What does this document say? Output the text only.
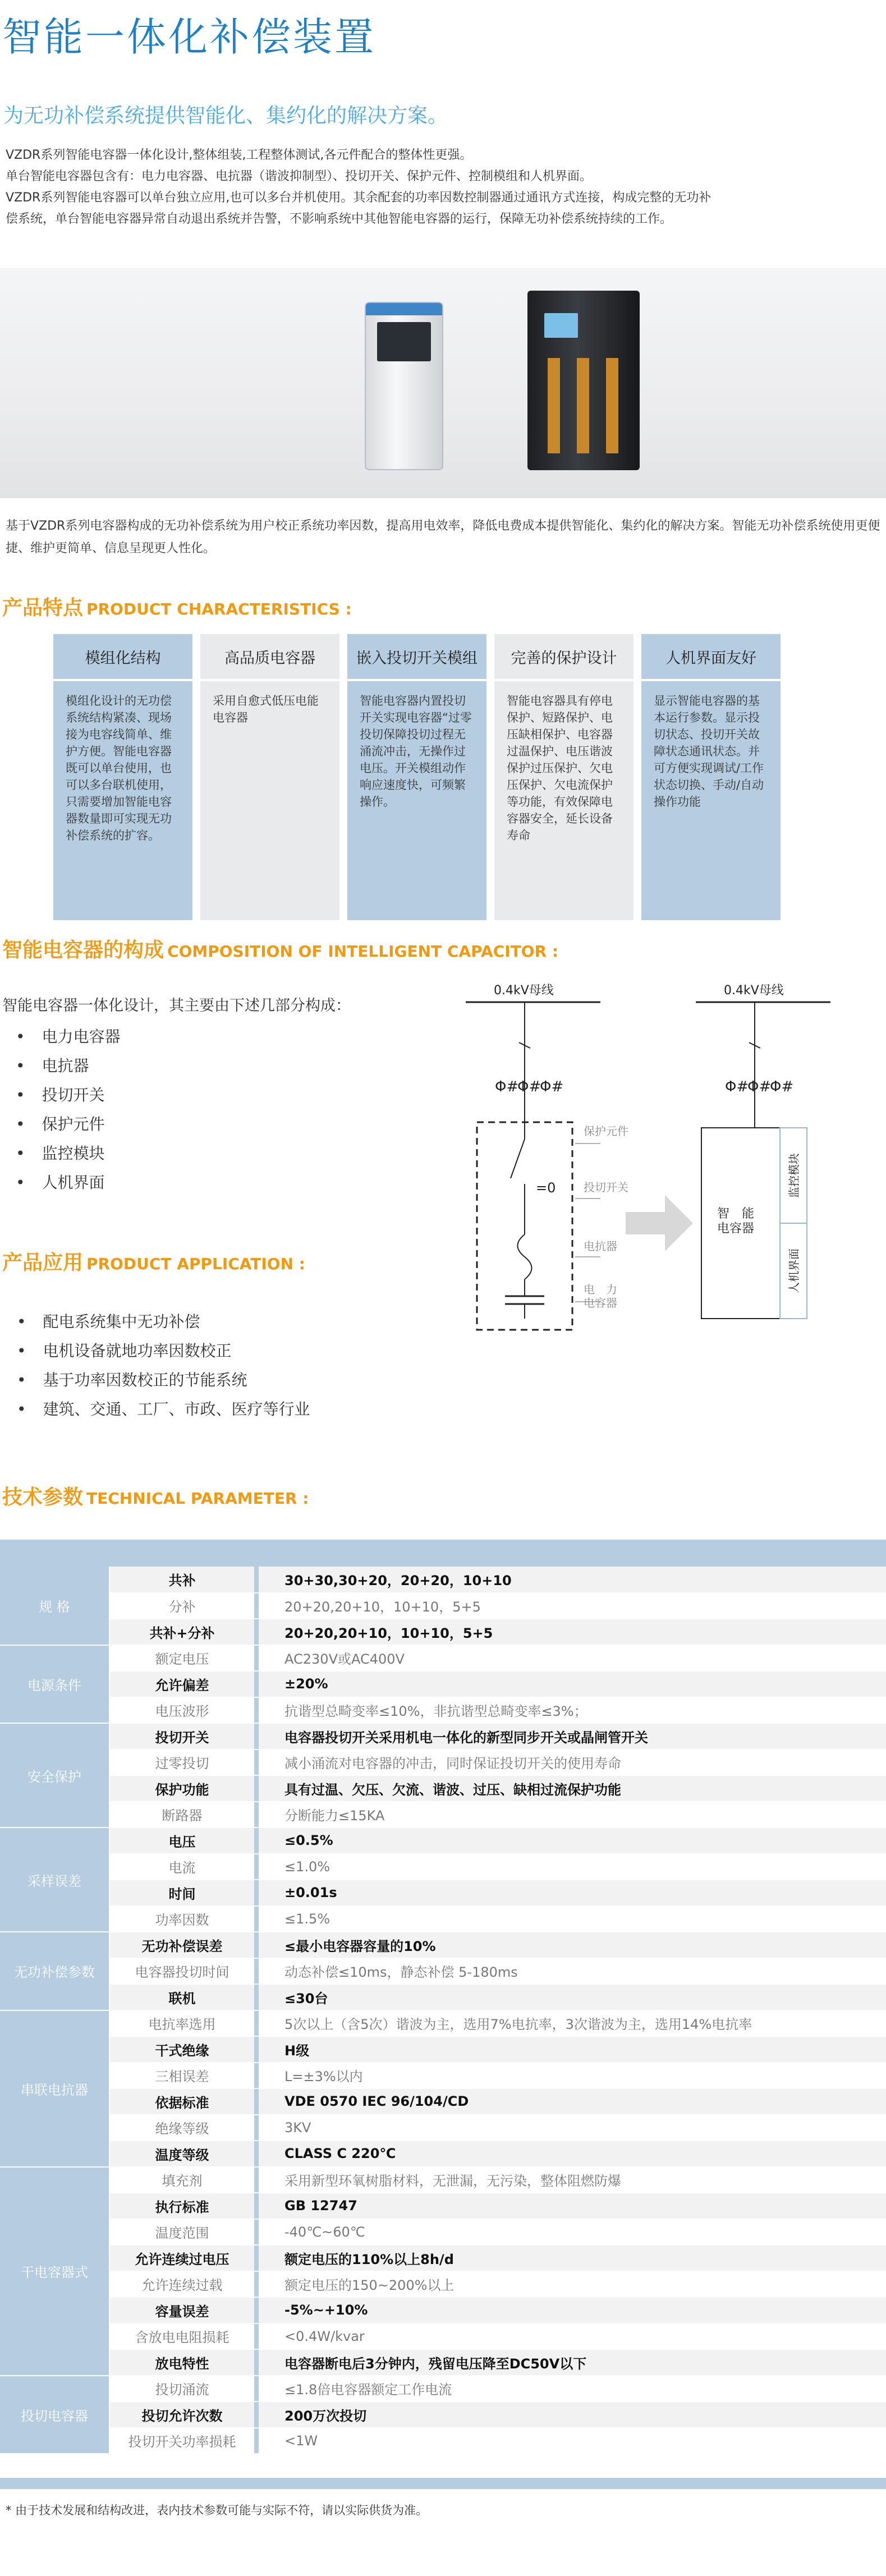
智能一体化补偿装置
为无功补偿系统提供智能化、集约化的解决方案。

VZDR系列智能电容器一体化设计,整体组装,工程整体测试,各元件配合的整体性更强。

单台智能电容器包含有：电力电容器、电抗器（谐波抑制型）、投切开关、保护元件、控制模组和人机界面。

VZDR系列智能电容器可以单台独立应用,也可以多台并机使用。其余配套的功率因数控制器通过通讯方式连接，构成完整的无功补偿系统，单台智能电容器异常自动退出系统并告警，不影响系统中其他智能电容器的运行，保障无功补偿系统持续的工作。

基于VZDR系列电容器构成的无功补偿系统为用户校正系统功率因数，提高用电效率，降低电费成本提供智能化、集约化的解决方案。智能无功补偿系统使用更便捷、维护更简单、信息呈现更人性化。
产品特点 PRODUCT CHARACTERISTICS :
模组化结构
模组化设计的无功偿系统结构紧凑、现场接为电容线简单、维护方便。智能电容器既可以单台使用，也可以多台联机使用，只需要增加智能电容器数量即可实现无功补偿系统的扩容。
高品质电容器
采用自愈式低压电能电容器
嵌入投切开关模组
智能电容器内置投切开关实现电容器“过零投切保障投切过程无涌流冲击，无操作过电压。开关模组动作响应速度快，可频繁操作。
完善的保护设计
智能电容器具有停电保护、短路保护、电压缺相保护、电容器过温保护、电压谐波保护过压保护、欠电压保护、欠电流保护等功能，有效保障电容器安全，延长设备寿命
人机界面友好
显示智能电容器的基本运行参数。显示投切状态、投切开关故障状态通讯状态。并可方便实现调试/工作状态切换、手动/自动操作功能
智能电容器的构成 COMPOSITION OF INTELLIGENT CAPACITOR :
智能电容器一体化设计，其主要由下述几部分构成：
• 电力电容器
• 电抗器
• 投切开关
• 保护元件
• 监控模块
• 人机界面
0.4kV母线
Φ#
Φ#
Φ#
=0
保护元件
投切开关
电抗器
电　力电容器
0.4kV母线
Φ#
Φ#
Φ#
智　能电容器
监控模块
人机界面
产品应用 PRODUCT APPLICATION :
• 配电系统集中无功补偿
• 电机设备就地功率因数校正
• 基于功率因数校正的节能系统
• 建筑、交通、工厂、市政、医疗等行业
技术参数 TECHNICAL PARAMETER :
规 格	共补		30+30,30+20，20+20，10+10
	分补		20+20,20+10，10+10，5+5
	共补+分补		20+20,20+10，10+10，5+5
电源条件	额定电压		AC230V或AC400V
	允许偏差		±20%
	电压波形		抗谐型总畸变率≤10%，非抗谐型总畸变率≤3%；
安全保护	投切开关		电容器投切开关采用机电一体化的新型同步开关或晶闸管开关
	过零投切		减小涌流对电容器的冲击，同时保证投切开关的使用寿命
	保护功能		具有过温、欠压、欠流、谐波、过压、缺相过流保护功能
	断路器		分断能力≤15KA
采样误差	电压		≤0.5%
	电流		≤1.0%
	时间		±0.01s
	功率因数		≤1.5%
无功补偿参数	无功补偿误差		≤最小电容器容量的10%
	电容器投切时间		动态补偿≤10ms，静态补偿 5-180ms
	联机		≤30台
串联电抗器	电抗率选用		5次以上（含5次）谐波为主，选用7%电抗率，3次谐波为主，选用14%电抗率
	干式绝缘		H级
	三相误差		L=±3%以内
	依据标准		VDE 0570 IEC 96/104/CD
	绝缘等级		3KV
	温度等级		CLASS C 220℃
干电容器式	填充剂		采用新型环氧树脂材料，无泄漏，无污染，整体阻燃防爆
	执行标准		GB 12747
	温度范围		-40℃~60℃
	允许连续过电压		额定电压的110%以上8h/d
	允许连续过载		额定电压的150~200%以上
	容量误差		-5%~+10%
	含放电电阻损耗		<0.4W/kvar
	放电特性		电容器断电后3分钟内，残留电压降至DC50V以下
投切电容器	投切涌流		≤1.8倍电容器额定工作电流
	投切允许次数		200万次投切
	投切开关功率损耗		<1W
* 由于技术发展和结构改进，表内技术参数可能与实际不符，请以实际供货为准。
